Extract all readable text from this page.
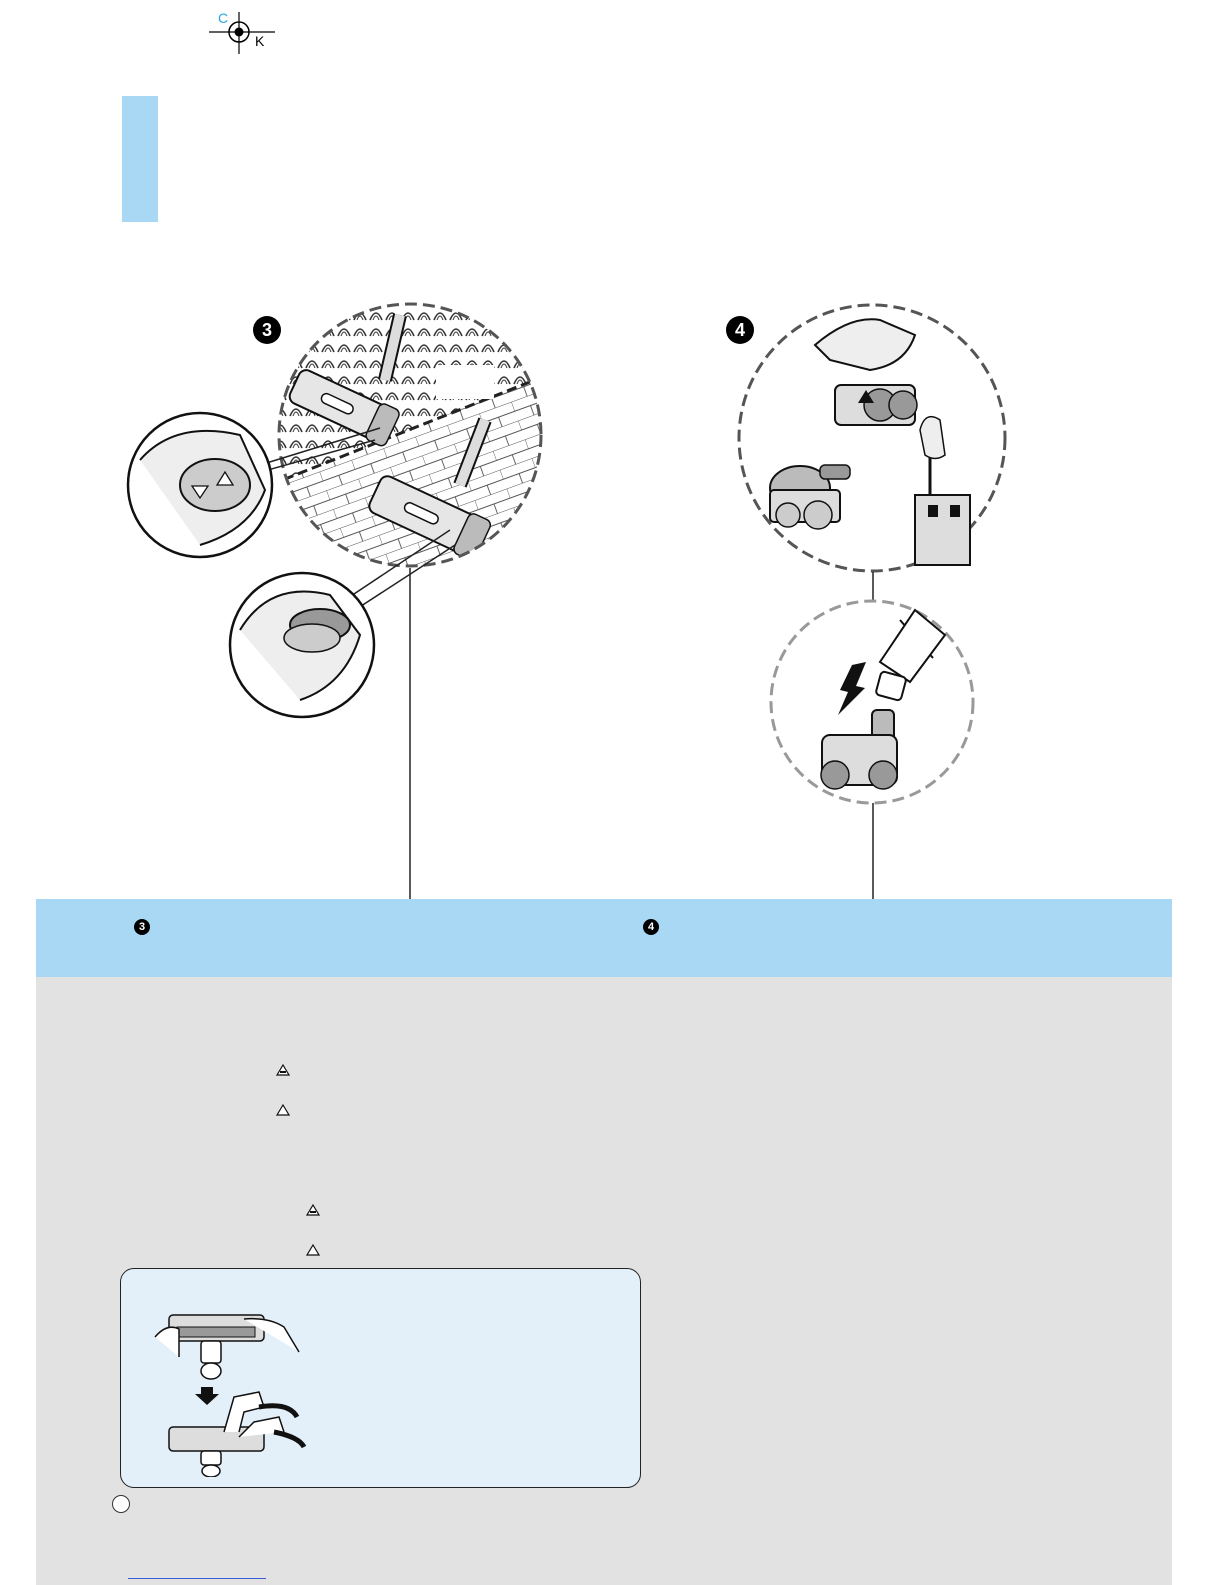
C
K
3	4
3	4
